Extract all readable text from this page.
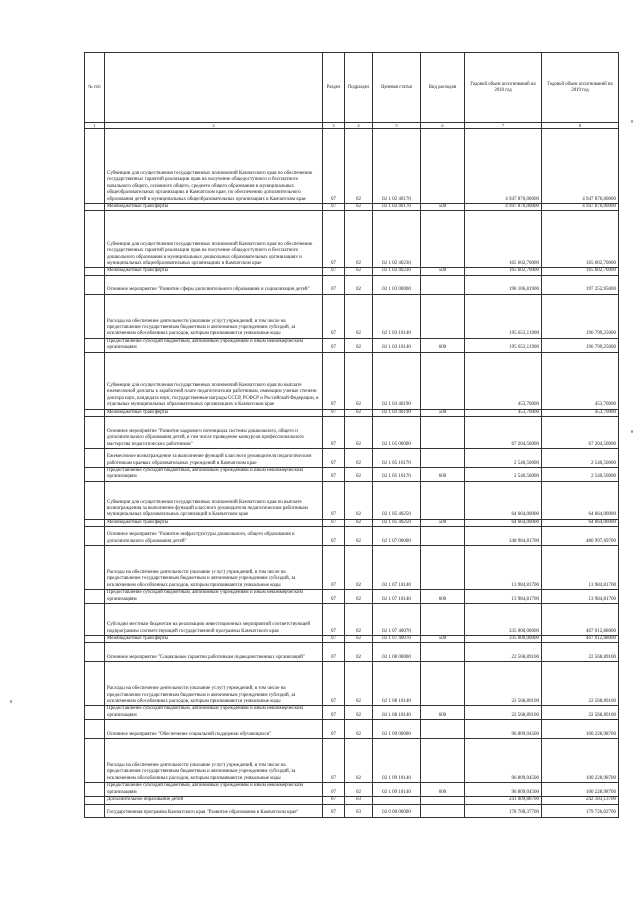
№ п/п		Раздел	Подраздел	Целевая статья	Вид расходов	Годовой объем ассигнований на 2018 год	Годовой объем ассигнований на 2019 год
1	2	3	4	5	6	7	8
	Субвенции для осуществления государственных полномочий Камчатского края по обеспечению государственных гарантий реализации прав на получение общедоступного и бесплатного начального общего, основного общего, среднего общего образования в муниципальных общеобразовательных организациях в Камчатском крае, по обеспечению дополнительного образования детей в муниципальных общеобразовательных организациях в Камчатском крае	07	02	02 1 02 40170		4 947 876,00000	4 947 876,00000
	Межбюджетные трансферты	07	02	02 1 02 40170	500	4 947 876,00000	4 947 876,00000
	Субвенции для осуществления государственных полномочий Камчатского края по обеспечению государственных гарантий реализации прав на получение общедоступного и бесплатного дошкольного образования в муниципальных дошкольных образовательных организациях и муниципальных общеобразовательных организациях в Камчатском крае	07	02	02 1 02 40230		165 602,70000	165 602,70000
	Межбюджетные трансферты	07	02	02 1 02 40230	500	165 602,70000	165 602,70000
	Основное мероприятие "Развитие сферы дополнительного образования и социализации детей"	07	02	02 1 03 00000		196 106,81900	197 252,95000
	Расходы на обеспечение деятельности (оказание услуг) учреждений, в том числе на предоставление государственным бюджетным и автономным учреждениям субсидий, за исключением обособленных расходов, которым присваиваются уникальные коды	07	02	02 1 03 10140		195 653,11900	196 799,25000
	Предоставление субсидий бюджетным, автономным учреждениям и иным некоммерческим организациям	07	02	02 1 03 10140	600	195 653,11900	196 799,25000
	Субвенции для осуществления государственных полномочий Камчатского края по выплате ежемесячной доплаты к заработной плате педагогическим работникам, имеющим ученые степени доктора наук, кандидата наук, государственные награды СССР, РСФСР и Российской Федерации, в отдельных муниципальных образовательных организациях в Камчатском крае	07	02	02 1 03 40190		453,70000	453,70000
	Межбюджетные трансферты	07	02	02 1 03 40190	500	453,70000	453,70000
	Основное мероприятие "Развитие кадрового потенциала системы дошкольного, общего и дополнительного образования детей, в том числе проведение конкурсов профессионального мастерства педагогических работников"	07	02	02 1 05 00000		67 204,50000	67 204,50000
	Ежемесячное вознаграждение за выполнение функций классного руководителя педагогическим работникам краевых образовательных учреждений в Камчатском крае	07	02	02 1 05 10170		2 540,50000	2 540,50000
	Предоставление субсидий бюджетным, автономным учреждениям и иным некоммерческим организациям	07	02	02 1 05 10170	600	2 540,50000	2 540,50000
	Субвенции для осуществления государственных полномочий Камчатского края по выплате вознаграждения за выполнение функций классного руководителя педагогическим работникам муниципальных образовательных организаций в Камчатском крае	07	02	02 1 05 40250		64 664,00000	64 664,00000
	Межбюджетные трансферты	07	02	02 1 05 40250	500	64 664,00000	64 664,00000
	Основное мероприятие "Развитие инфраструктуры дошкольного, общего образования и дополнительного образования детей"	07	02	02 1 07 00000		348 984,81700	480 997,69700
	Расходы на обеспечение деятельности (оказание услуг) учреждений, в том числе на предоставление государственным бюджетным и автономным учреждениям субсидий, за исключением обособленных расходов, которым присваиваются уникальные коды	07	02	02 1 07 10140		13 984,81700	13 984,81700
	Предоставление субсидий бюджетным, автономным учреждениям и иным некоммерческим организациям	07	02	02 1 07 10140	600	13 984,81700	13 984,81700
	Субсидии местным бюджетам на реализацию инвестиционных мероприятий соответствующей подпрограммы соответствующей государственной программы Камчатского края	07	02	02 1 07 40070		335 000,00000	467 012,88000
	Межбюджетные трансферты	07	02	02 1 07 40070	500	335 000,00000	467 012,88000
	Основное мероприятие "Социальные гарантии работникам подведомственных организаций"	07	02	02 1 08 00000		22 568,89100	22 568,89100
	Расходы на обеспечение деятельности (оказание услуг) учреждений, в том числе на предоставление государственным бюджетным и автономным учреждениям субсидий, за исключением обособленных расходов, которым присваиваются уникальные коды	07	02	02 1 08 10140		22 568,89100	22 568,89100
	Предоставление субсидий бюджетным, автономным учреждениям и иным некоммерческим организациям	07	02	02 1 08 10140	600	22 568,89100	22 568,89100
	Основное мероприятие "Обеспечение социальной поддержки обучающихся"	07	02	02 1 09 00000		96 809,04500	100 228,98700
	Расходы на обеспечение деятельности (оказание услуг) учреждений, в том числе на предоставление государственным бюджетным и автономным учреждениям субсидий, за исключением обособленных расходов, которым присваиваются уникальные коды	07	02	02 1 09 10140		96 809,04500	100 228,98700
	Предоставление субсидий бюджетным, автономным учреждениям и иным некоммерческим организациям	07	02	02 1 09 10140	600	96 809,04500	100 228,98700
	Дополнительное образование детей	07	03			241 009,88700	242 183,13700
	Государственная программа Камчатского края "Развитие образования в Камчатском крае"	07	03	02 0 00 00000		178 708,37700	179 726,02700
